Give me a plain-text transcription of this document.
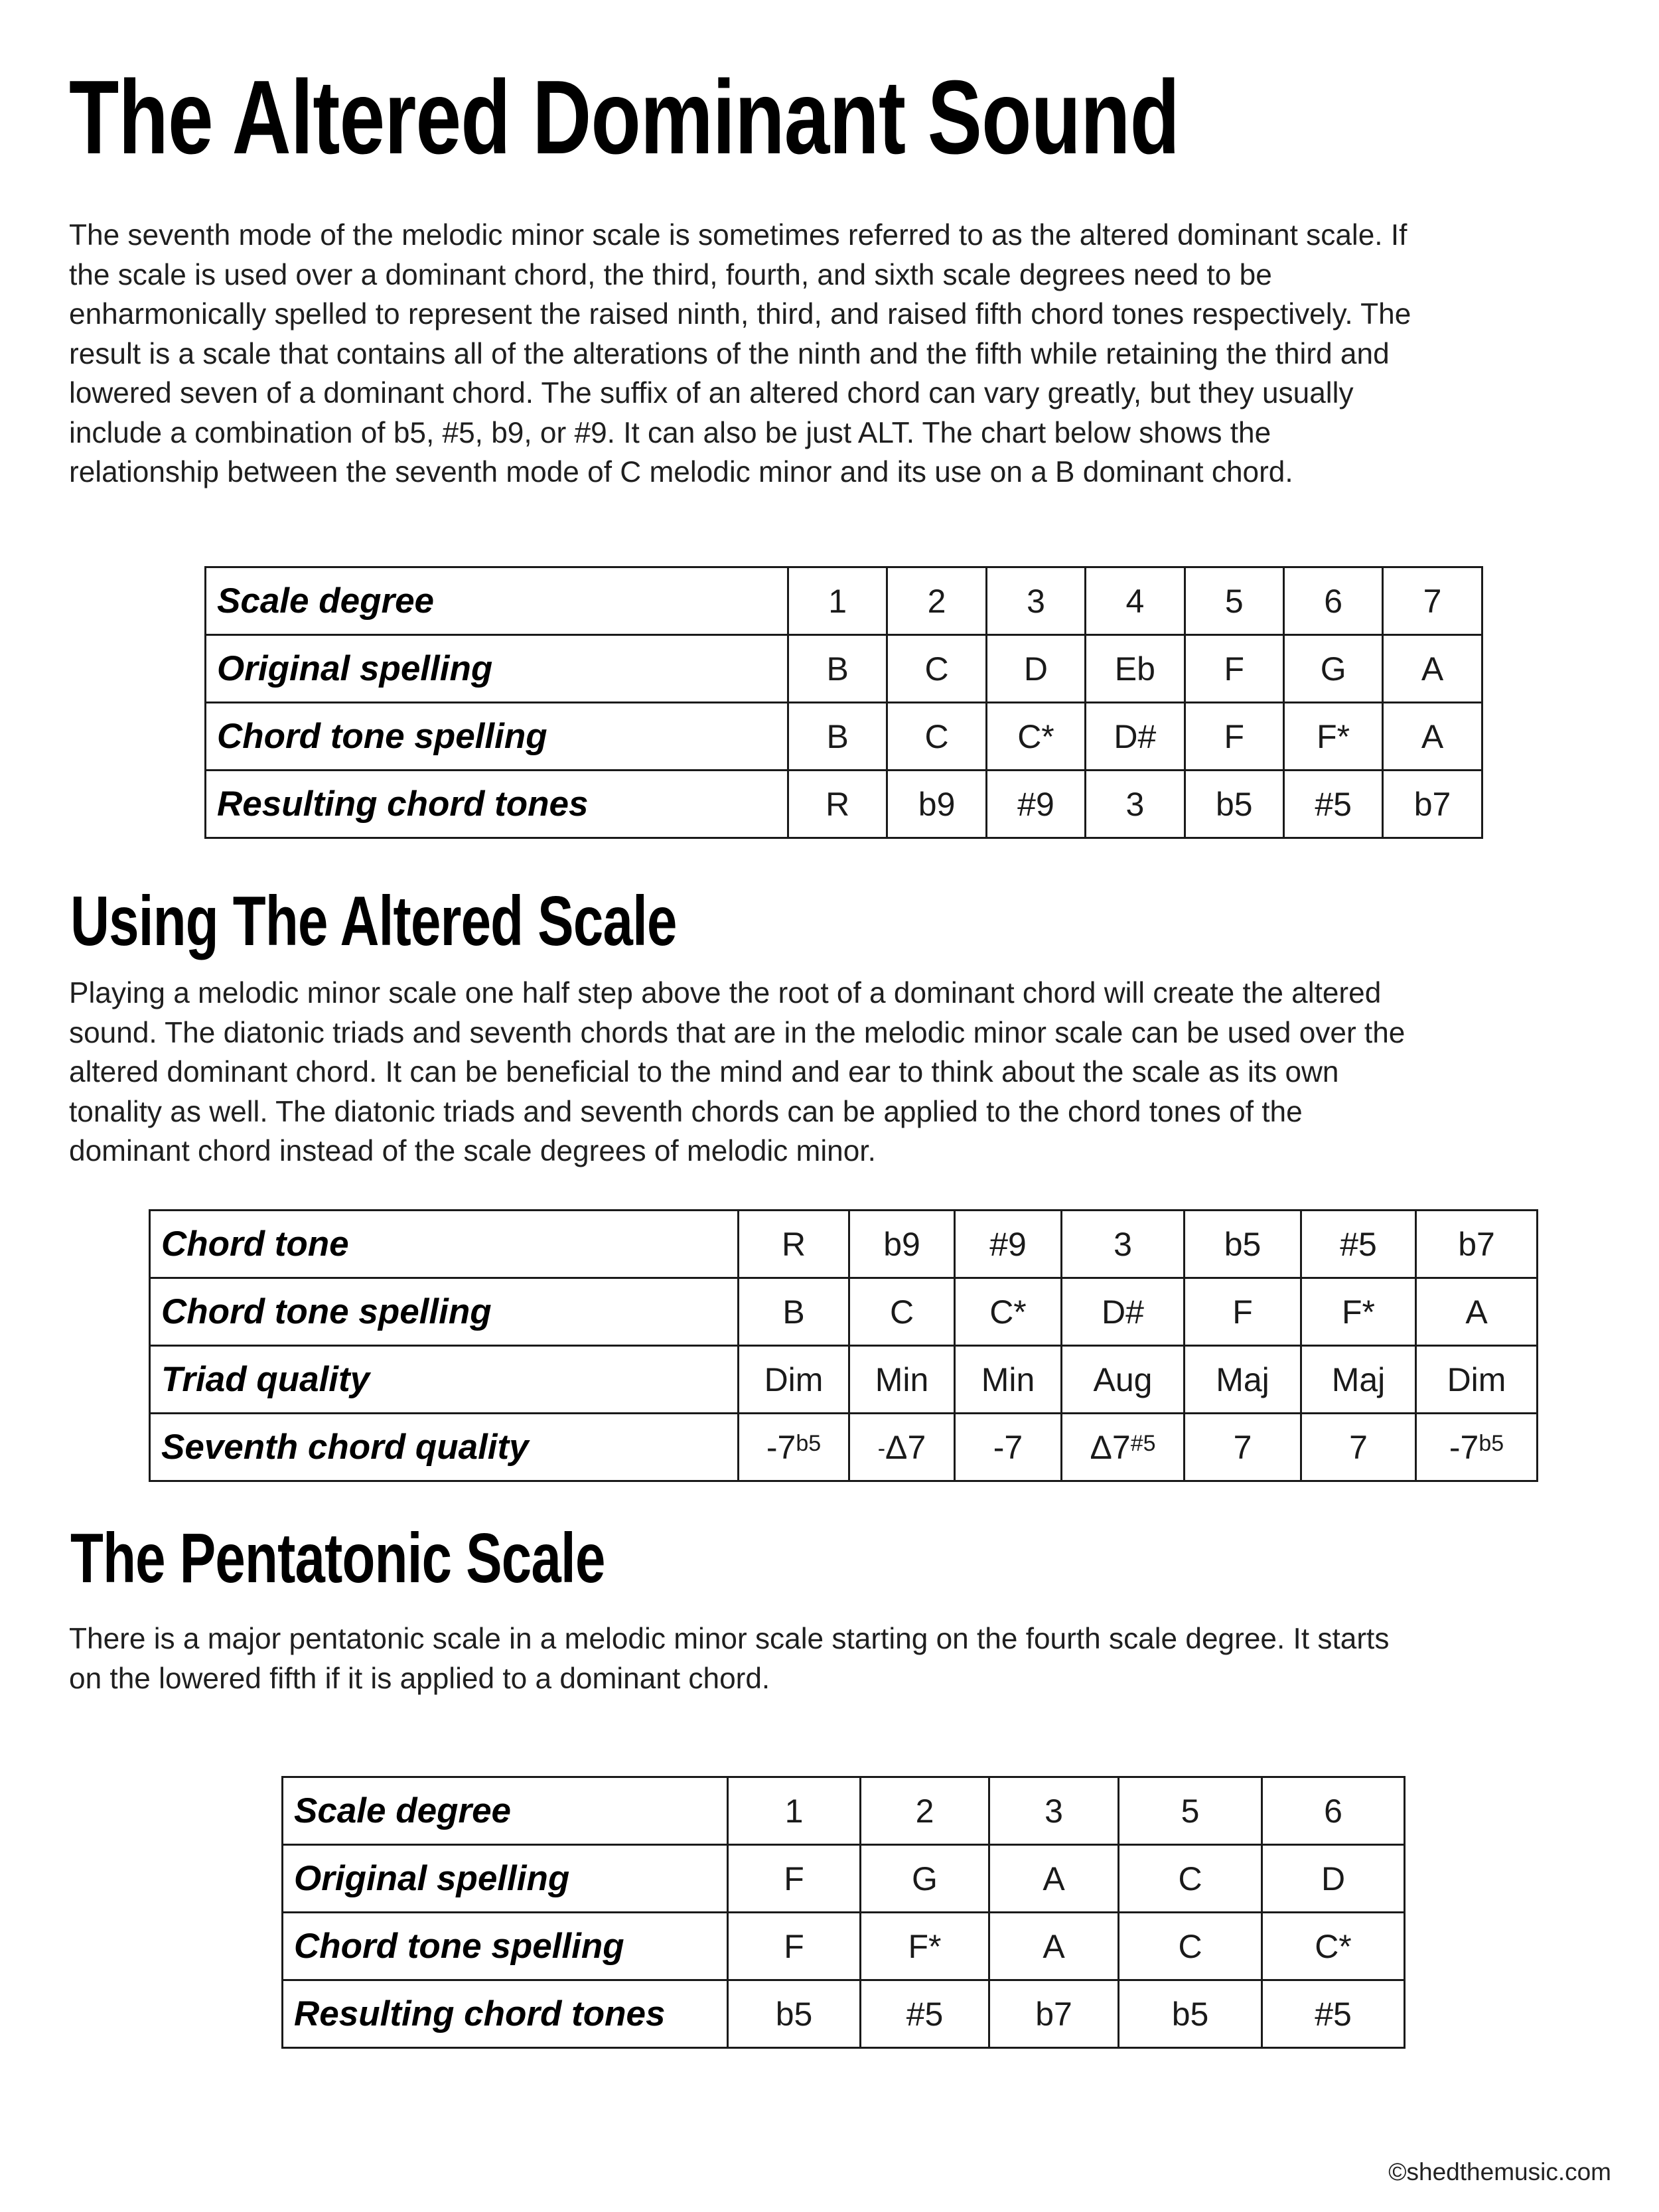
The Altered Dominant Sound
The seventh mode of the melodic minor scale is sometimes referred to as the altered dominant scale. If
the scale is used over a dominant chord, the third, fourth, and sixth scale degrees need to be
enharmonically spelled to represent the raised ninth, third, and raised fifth chord tones respectively. The
result is a scale that contains all of the alterations of the ninth and the fifth while retaining the third and
lowered seven of a dominant chord. The suffix of an altered chord can vary greatly, but they usually
include a combination of b5, #5, b9, or #9. It can also be just ALT. The chart below shows the
relationship between the seventh mode of C melodic minor and its use on a B dominant chord.
Scale degree	1	2	3	4	5	6	7
Original spelling	B	C	D	Eb	F	G	A
Chord tone spelling	B	C	C*	D#	F	F*	A
Resulting chord tones	R	b9	#9	3	b5	#5	b7
Using The Altered Scale
Playing a melodic minor scale one half step above the root of a dominant chord will create the altered
sound. The diatonic triads and seventh chords that are in the melodic minor scale can be used over the
altered dominant chord. It can be beneficial to the mind and ear to think about the scale as its own
tonality as well. The diatonic triads and seventh chords can be applied to the chord tones of the
dominant chord instead of the scale degrees of melodic minor.
Chord tone	R	b9	#9	3	b5	#5	b7
Chord tone spelling	B	C	C*	D#	F	F*	A
Triad quality	Dim	Min	Min	Aug	Maj	Maj	Dim
Seventh chord quality	$-7^{b5}$	-Δ7	-7	Δ7$^{\#5}$	7	7	$-7^{b5}$
The Pentatonic Scale
There is a major pentatonic scale in a melodic minor scale starting on the fourth scale degree. It starts
on the lowered fifth if it is applied to a dominant chord.
Scale degree	1	2	3	5	6
Original spelling	F	G	A	C	D
Chord tone spelling	F	F*	A	C	C*
Resulting chord tones	b5	#5	b7	b5	#5
©shedthemusic.com
